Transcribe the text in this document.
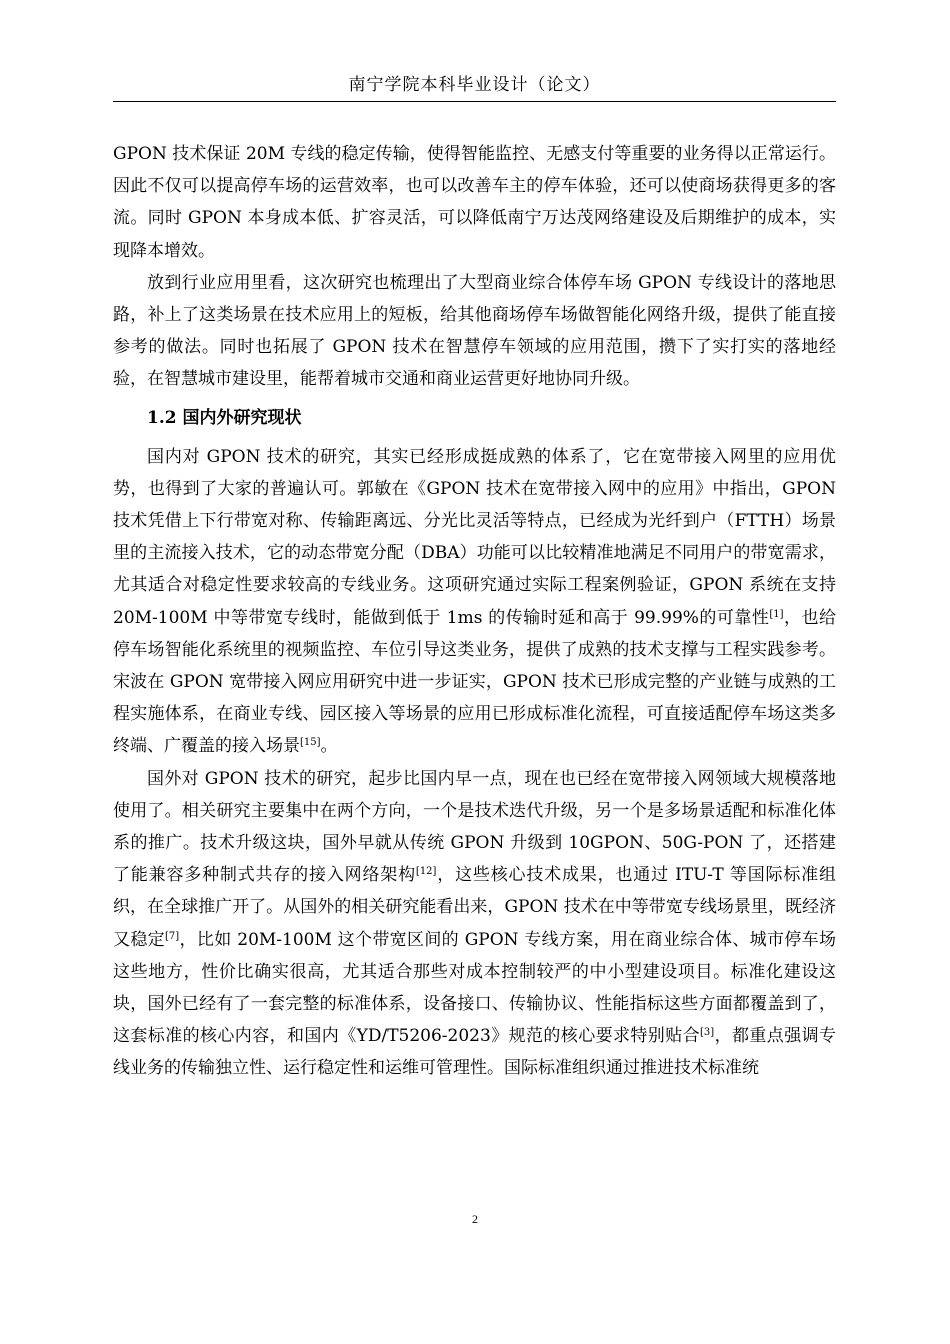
南宁学院本科毕业设计（论文）

GPON 技术保证 20M 专线的稳定传输，使得智能监控、无感支付等重要的业务得以正常运行。因此不仅可以提高停车场的运营效率，也可以改善车主的停车体验，还可以使商场获得更多的客流。同时 GPON 本身成本低、扩容灵活，可以降低南宁万达茂网络建设及后期维护的成本，实现降本增效。

放到行业应用里看，这次研究也梳理出了大型商业综合体停车场 GPON 专线设计的落地思路，补上了这类场景在技术应用上的短板，给其他商场停车场做智能化网络升级，提供了能直接参考的做法。同时也拓展了 GPON 技术在智慧停车领域的应用范围，攒下了实打实的落地经验，在智慧城市建设里，能帮着城市交通和商业运营更好地协同升级。

1.2 国内外研究现状

国内对 GPON 技术的研究，其实已经形成挺成熟的体系了，它在宽带接入网里的应用优势，也得到了大家的普遍认可。郭敏在《GPON 技术在宽带接入网中的应用》中指出，GPON 技术凭借上下行带宽对称、传输距离远、分光比灵活等特点，已经成为光纤到户（FTTH）场景里的主流接入技术，它的动态带宽分配（DBA）功能可以比较精准地满足不同用户的带宽需求，尤其适合对稳定性要求较高的专线业务。这项研究通过实际工程案例验证，GPON 系统在支持 20M-100M 中等带宽专线时，能做到低于 1ms 的传输时延和高于 99.99%的可靠性[1]，也给停车场智能化系统里的视频监控、车位引导这类业务，提供了成熟的技术支撑与工程实践参考。宋波在 GPON 宽带接入网应用研究中进一步证实，GPON 技术已形成完整的产业链与成熟的工程实施体系，在商业专线、园区接入等场景的应用已形成标准化流程，可直接适配停车场这类多终端、广覆盖的接入场景[15]。

国外对 GPON 技术的研究，起步比国内早一点，现在也已经在宽带接入网领域大规模落地使用了。相关研究主要集中在两个方向，一个是技术迭代升级，另一个是多场景适配和标准化体系的推广。技术升级这块，国外早就从传统 GPON 升级到 10GPON、50G-PON 了，还搭建了能兼容多种制式共存的接入网络架构[12]，这些核心技术成果，也通过 ITU-T 等国际标准组织，在全球推广开了。从国外的相关研究能看出来，GPON 技术在中等带宽专线场景里，既经济又稳定[7]，比如 20M-100M 这个带宽区间的 GPON 专线方案，用在商业综合体、城市停车场这些地方，性价比确实很高，尤其适合那些对成本控制较严的中小型建设项目。标准化建设这块，国外已经有了一套完整的标准体系，设备接口、传输协议、性能指标这些方面都覆盖到了，这套标准的核心内容，和国内《YD/T5206-2023》规范的核心要求特别贴合[3]，都重点强调专线业务的传输独立性、运行稳定性和运维可管理性。国际标准组织通过推进技术标准统

2
